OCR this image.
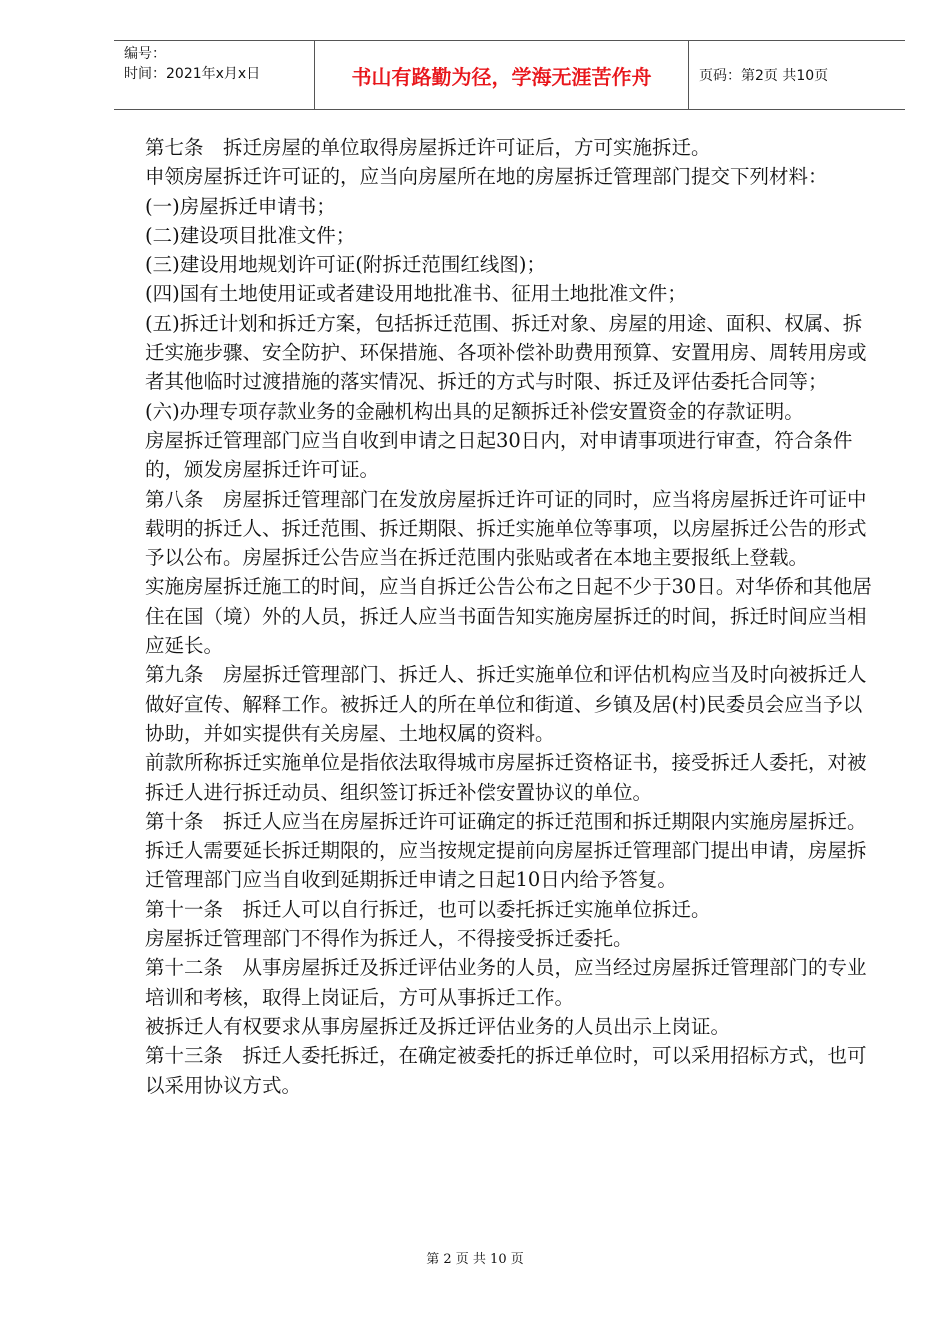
编号：
时间：2021年x月x日	书山有路勤为径，学海无涯苦作舟	页码：第2页 共10页

第七条　拆迁房屋的单位取得房屋拆迁许可证后，方可实施拆迁。

申领房屋拆迁许可证的，应当向房屋所在地的房屋拆迁管理部门提交下列材料：

(一)房屋拆迁申请书；

(二)建设项目批准文件；

(三)建设用地规划许可证(附拆迁范围红线图)；

(四)国有土地使用证或者建设用地批准书、征用土地批准文件；

(五)拆迁计划和拆迁方案，包括拆迁范围、拆迁对象、房屋的用途、面积、权属、拆迁实施步骤、安全防护、环保措施、各项补偿补助费用预算、安置用房、周转用房或者其他临时过渡措施的落实情况、拆迁的方式与时限、拆迁及评估委托合同等；

(六)办理专项存款业务的金融机构出具的足额拆迁补偿安置资金的存款证明。

房屋拆迁管理部门应当自收到申请之日起30日内，对申请事项进行审查，符合条件的，颁发房屋拆迁许可证。

第八条　房屋拆迁管理部门在发放房屋拆迁许可证的同时，应当将房屋拆迁许可证中载明的拆迁人、拆迁范围、拆迁期限、拆迁实施单位等事项，以房屋拆迁公告的形式予以公布。房屋拆迁公告应当在拆迁范围内张贴或者在本地主要报纸上登载。

实施房屋拆迁施工的时间，应当自拆迁公告公布之日起不少于30日。对华侨和其他居住在国（境）外的人员，拆迁人应当书面告知实施房屋拆迁的时间，拆迁时间应当相应延长。

第九条　房屋拆迁管理部门、拆迁人、拆迁实施单位和评估机构应当及时向被拆迁人做好宣传、解释工作。被拆迁人的所在单位和街道、乡镇及居(村)民委员会应当予以协助，并如实提供有关房屋、土地权属的资料。

前款所称拆迁实施单位是指依法取得城市房屋拆迁资格证书，接受拆迁人委托，对被拆迁人进行拆迁动员、组织签订拆迁补偿安置协议的单位。

第十条　拆迁人应当在房屋拆迁许可证确定的拆迁范围和拆迁期限内实施房屋拆迁。

拆迁人需要延长拆迁期限的，应当按规定提前向房屋拆迁管理部门提出申请，房屋拆迁管理部门应当自收到延期拆迁申请之日起10日内给予答复。

第十一条　拆迁人可以自行拆迁，也可以委托拆迁实施单位拆迁。

房屋拆迁管理部门不得作为拆迁人，不得接受拆迁委托。

第十二条　从事房屋拆迁及拆迁评估业务的人员，应当经过房屋拆迁管理部门的专业培训和考核，取得上岗证后，方可从事拆迁工作。

被拆迁人有权要求从事房屋拆迁及拆迁评估业务的人员出示上岗证。

第十三条　拆迁人委托拆迁，在确定被委托的拆迁单位时，可以采用招标方式，也可以采用协议方式。

第 2 页 共 10 页
